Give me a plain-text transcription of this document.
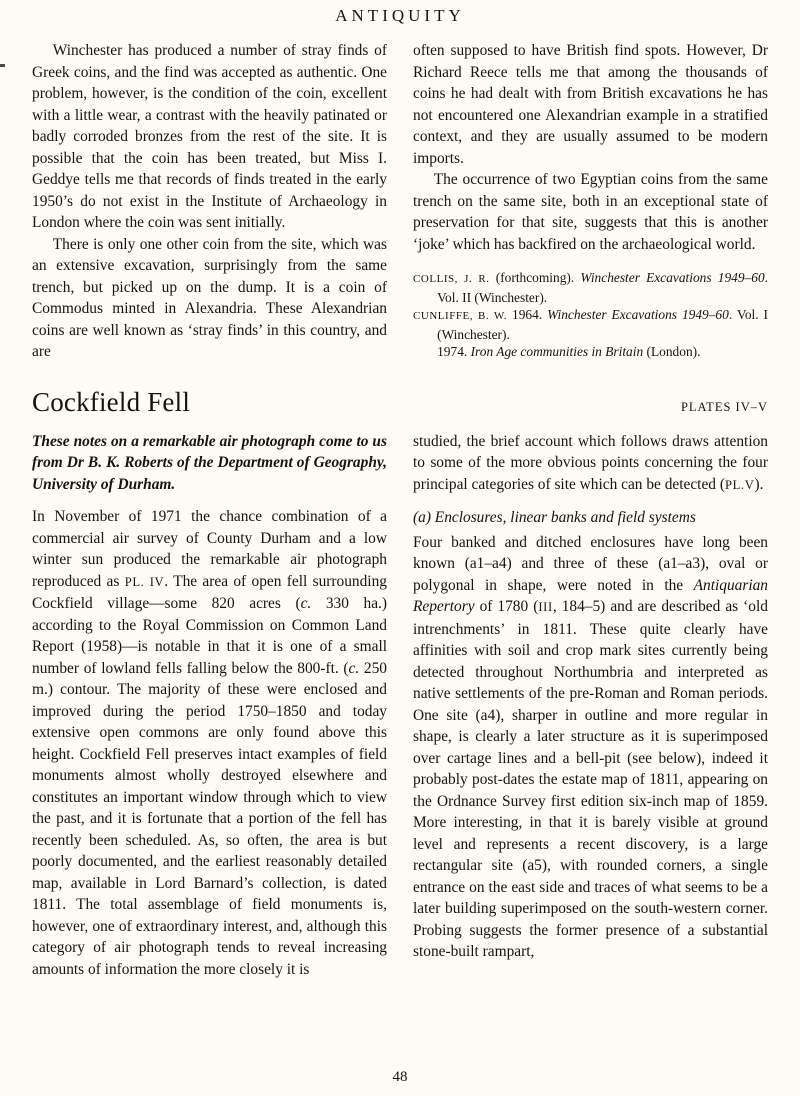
ANTIQUITY

Winchester has produced a number of stray finds of Greek coins, and the find was accepted as authentic. One problem, however, is the condition of the coin, excellent with a little wear, a contrast with the heavily patinated or badly corroded bronzes from the rest of the site. It is possible that the coin has been treated, but Miss I. Geddye tells me that records of finds treated in the early 1950’s do not exist in the Institute of Archaeology in London where the coin was sent initially.

There is only one other coin from the site, which was an extensive excavation, surprisingly from the same trench, but picked up on the dump. It is a coin of Commodus minted in Alexandria. These Alexandrian coins are well known as ‘stray finds’ in this country, and are

often supposed to have British find spots. However, Dr Richard Reece tells me that among the thousands of coins he had dealt with from British excavations he has not encountered one Alexandrian example in a stratified context, and they are usually assumed to be modern imports.

The occurrence of two Egyptian coins from the same trench on the same site, both in an exceptional state of preservation for that site, suggests that this is another ‘joke’ which has backfired on the archaeological world.

COLLIS, J. R. (forthcoming). Winchester Excavations 1949–60. Vol. II (Winchester).

CUNLIFFE, B. W. 1964. Winchester Excavations 1949–60. Vol. I (Winchester).

1974. Iron Age communities in Britain (London).

Cockfield Fell	PLATES IV–V

These notes on a remarkable air photograph come to us from Dr B. K. Roberts of the Department of Geography, University of Durham.

In November of 1971 the chance combination of a commercial air survey of County Durham and a low winter sun produced the remarkable air photograph reproduced as PL. IV. The area of open fell surrounding Cockfield village—some 820 acres (c. 330 ha.) according to the Royal Commission on Common Land Report (1958)—is notable in that it is one of a small number of lowland fells falling below the 800-ft. (c. 250 m.) contour. The majority of these were enclosed and improved during the period 1750–1850 and today extensive open commons are only found above this height. Cockfield Fell preserves intact examples of field monuments almost wholly destroyed elsewhere and constitutes an important window through which to view the past, and it is fortunate that a portion of the fell has recently been scheduled. As, so often, the area is but poorly documented, and the earliest reasonably detailed map, available in Lord Barnard’s collection, is dated 1811. The total assemblage of field monuments is, however, one of extraordinary interest, and, although this category of air photograph tends to reveal increasing amounts of information the more closely it is

studied, the brief account which follows draws attention to some of the more obvious points concerning the four principal categories of site which can be detected (PL.V).

(a) Enclosures, linear banks and field systems

Four banked and ditched enclosures have long been known (a1–a4) and three of these (a1–a3), oval or polygonal in shape, were noted in the Antiquarian Repertory of 1780 (III, 184–5) and are described as ‘old intrenchments’ in 1811. These quite clearly have affinities with soil and crop mark sites currently being detected throughout Northumbria and interpreted as native settlements of the pre-Roman and Roman periods. One site (a4), sharper in outline and more regular in shape, is clearly a later structure as it is superimposed over cartage lines and a bell-pit (see below), indeed it probably post-dates the estate map of 1811, appearing on the Ordnance Survey first edition six-inch map of 1859. More interesting, in that it is barely visible at ground level and represents a recent discovery, is a large rectangular site (a5), with rounded corners, a single entrance on the east side and traces of what seems to be a later building superimposed on the south-western corner. Probing suggests the former presence of a substantial stone-built rampart,

48
